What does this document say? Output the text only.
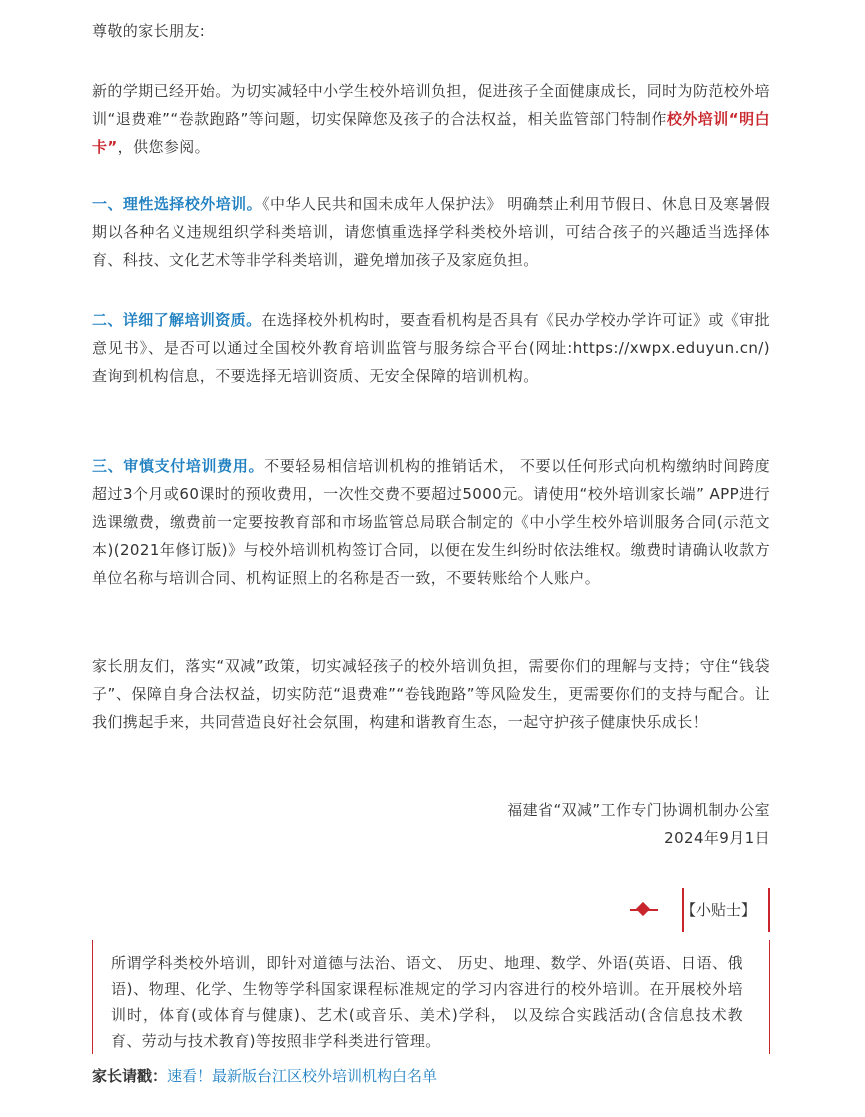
尊敬的家长朋友:

新的学期已经开始。为切实减轻中小学生校外培训负担，促进孩子全面健康成长，同时为防范校外培训“退费难”“卷款跑路”等问题，切实保障您及孩子的合法权益，相关监管部门特制作校外培训“明白卡”，供您参阅。

一、理性选择校外培训。《中华人民共和国未成年人保护法》 明确禁止利用节假日、休息日及寒暑假期以各种名义违规组织学科类培训，请您慎重选择学科类校外培训，可结合孩子的兴趣适当选择体育、科技、文化艺术等非学科类培训，避免增加孩子及家庭负担。

二、详细了解培训资质。在选择校外机构时，要查看机构是否具有《民办学校办学许可证》或《审批意见书》、是否可以通过全国校外教育培训监管与服务综合平台(网址:https://xwpx.eduyun.cn/)查询到机构信息，不要选择无培训资质、无安全保障的培训机构。

三、审慎支付培训费用。不要轻易相信培训机构的推销话术， 不要以任何形式向机构缴纳时间跨度超过3个月或60课时的预收费用，一次性交费不要超过5000元。请使用“校外培训家长端” APP进行选课缴费，缴费前一定要按教育部和市场监管总局联合制定的《中小学生校外培训服务合同(示范文本)(2021年修订版)》与校外培训机构签订合同，以便在发生纠纷时依法维权。缴费时请确认收款方单位名称与培训合同、机构证照上的名称是否一致，不要转账给个人账户。

家长朋友们，落实“双减”政策，切实减轻孩子的校外培训负担，需要你们的理解与支持；守住“钱袋子”、保障自身合法权益，切实防范“退费难”“卷钱跑路”等风险发生，更需要你们的支持与配合。让我们携起手来，共同营造良好社会氛围，构建和谐教育生态，一起守护孩子健康快乐成长！

福建省“双减”工作专门协调机制办公室

2024年9月1日

【小贴士】

所谓学科类校外培训，即针对道德与法治、语文、 历史、地理、数学、外语(英语、日语、俄语)、物理、化学、生物等学科国家课程标准规定的学习内容进行的校外培训。在开展校外培训时，体育(或体育与健康)、艺术(或音乐、美术)学科， 以及综合实践活动(含信息技术教育、劳动与技术教育)等按照非学科类进行管理。

家长请戳：速看！最新版台江区校外培训机构白名单
